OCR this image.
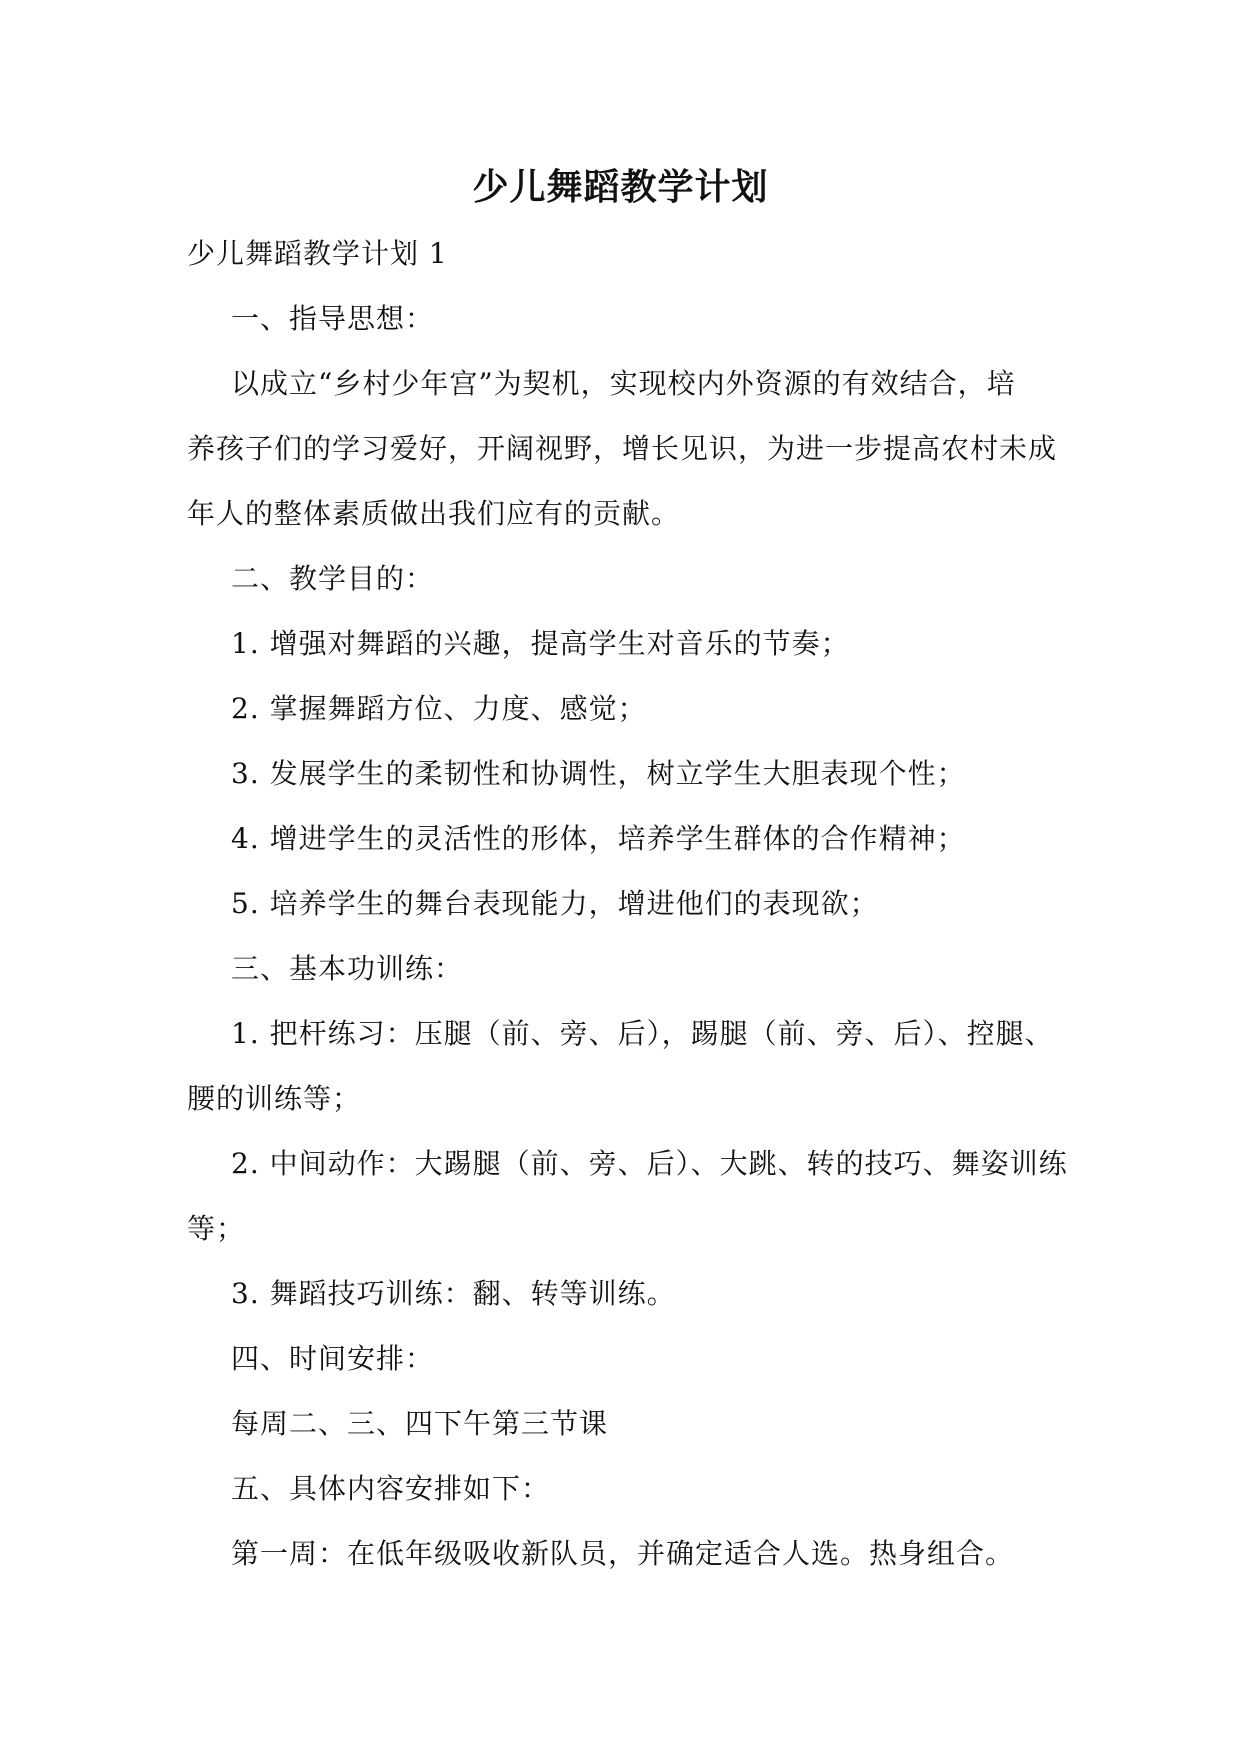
少儿舞蹈教学计划
少儿舞蹈教学计划 1
一、指导思想：
以成立“乡村少年宫”为契机，实现校内外资源的有效结合，培
养孩子们的学习爱好，开阔视野，增长见识，为进一步提高农村未成
年人的整体素质做出我们应有的贡献。
二、教学目的：
1. 增强对舞蹈的兴趣，提高学生对音乐的节奏；
2. 掌握舞蹈方位、力度、感觉；
3. 发展学生的柔韧性和协调性，树立学生大胆表现个性；
4. 增进学生的灵活性的形体，培养学生群体的合作精神；
5. 培养学生的舞台表现能力，增进他们的表现欲；
三、基本功训练：
1. 把杆练习：压腿（前、旁、后），踢腿（前、旁、后）、控腿、
腰的训练等；
2. 中间动作：大踢腿（前、旁、后）、大跳、转的技巧、舞姿训练
等；
3. 舞蹈技巧训练：翻、转等训练。
四、时间安排：
每周二、三、四下午第三节课
五、具体内容安排如下：
第一周：在低年级吸收新队员，并确定适合人选。热身组合。
